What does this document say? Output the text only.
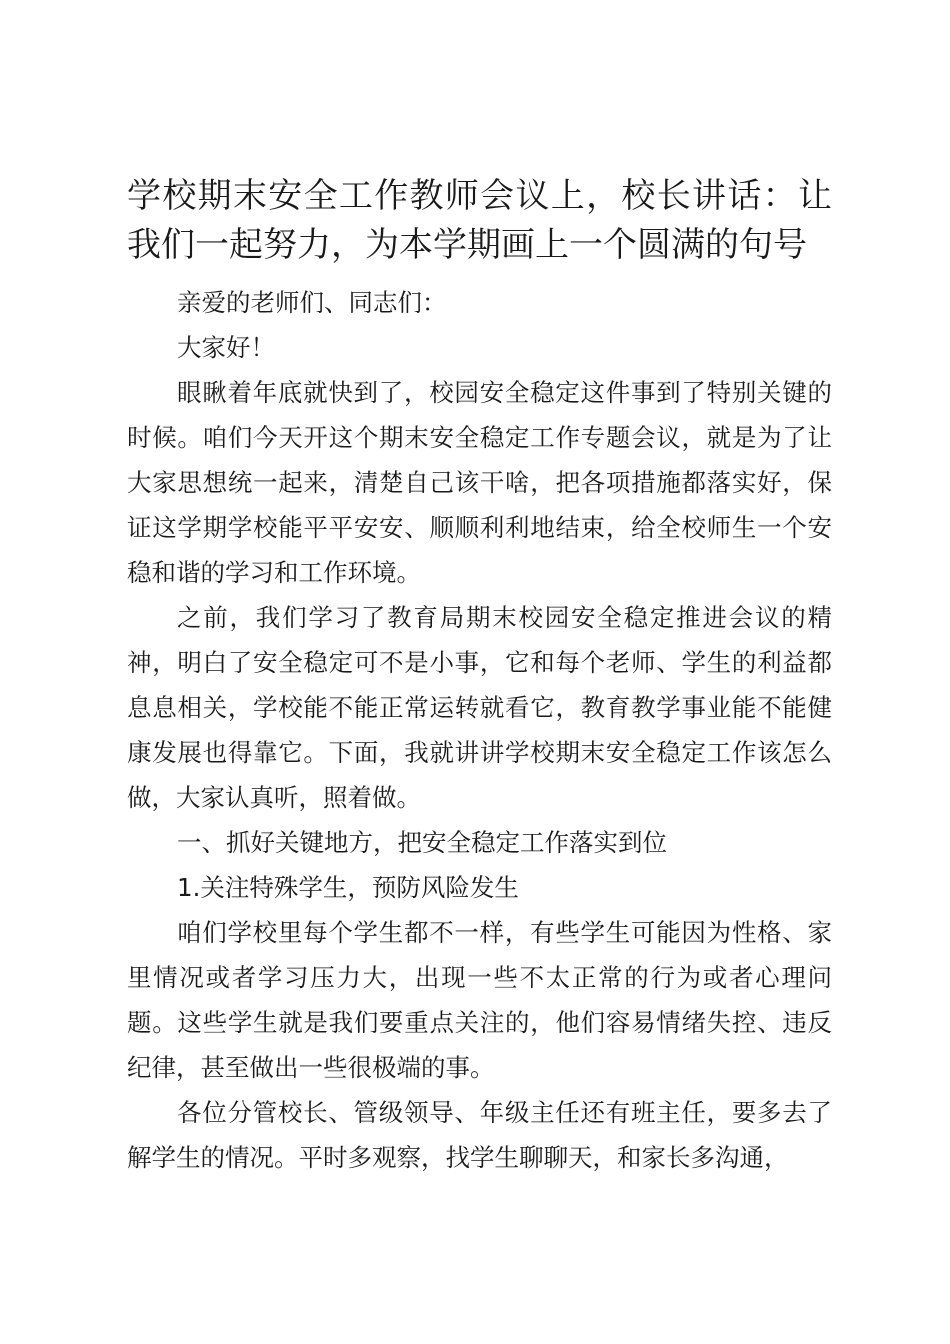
学校期末安全工作教师会议上，校长讲话：让我们一起努力，为本学期画上一个圆满的句号

亲爱的老师们、同志们：

大家好！

眼瞅着年底就快到了，校园安全稳定这件事到了特别关键的时候。咱们今天开这个期末安全稳定工作专题会议，就是为了让大家思想统一起来，清楚自己该干啥，把各项措施都落实好，保证这学期学校能平平安安、顺顺利利地结束，给全校师生一个安稳和谐的学习和工作环境。

之前，我们学习了教育局期末校园安全稳定推进会议的精神，明白了安全稳定可不是小事，它和每个老师、学生的利益都息息相关，学校能不能正常运转就看它，教育教学事业能不能健康发展也得靠它。下面，我就讲讲学校期末安全稳定工作该怎么做，大家认真听，照着做。

一、抓好关键地方，把安全稳定工作落实到位

1.关注特殊学生，预防风险发生

咱们学校里每个学生都不一样，有些学生可能因为性格、家里情况或者学习压力大，出现一些不太正常的行为或者心理问题。这些学生就是我们要重点关注的，他们容易情绪失控、违反纪律，甚至做出一些很极端的事。

各位分管校长、管级领导、年级主任还有班主任，要多去了解学生的情况。平时多观察，找学生聊聊天，和家长多沟通，
